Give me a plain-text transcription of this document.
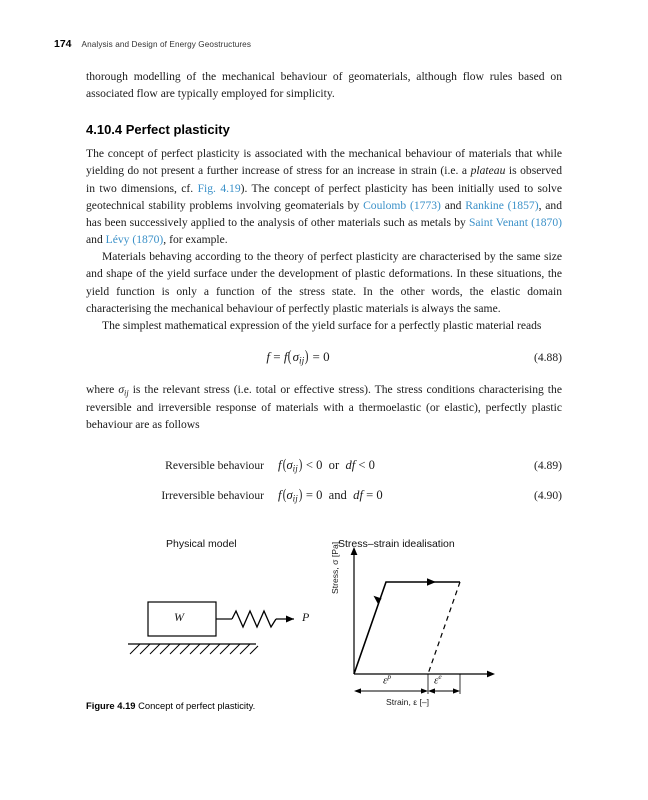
174 Analysis and Design of Energy Geostructures

thorough modelling of the mechanical behaviour of geomaterials, although flow rules based on associated flow are typically employed for simplicity.

4.10.4 Perfect plasticity

The concept of perfect plasticity is associated with the mechanical behaviour of materials that while yielding do not present a further increase of stress for an increase in strain (i.e. a plateau is observed in two dimensions, cf. Fig. 4.19). The concept of perfect plasticity has been initially used to solve geotechnical stability problems involving geomaterials by Coulomb (1773) and Rankine (1857), and has been successively applied to the analysis of other materials such as metals by Saint Venant (1870) and Lévy (1870), for example.

Materials behaving according to the theory of perfect plasticity are characterised by the same size and shape of the yield surface under the development of plastic deformations. In these situations, the yield function is only a function of the stress state. In the other words, the elastic domain characterising the mechanical behaviour of perfectly plastic materials is always the same.

The simplest mathematical expression of the yield surface for a perfectly plastic material reads

$f = f(\sigma_{ij}) = 0$	(4.88)

where $\sigma_{ij}$ is the relevant stress (i.e. total or effective stress). The stress conditions characterising the reversible and irreversible response of materials with a thermoelastic (or elastic), perfectly plastic behaviour are as follows

Reversible behaviour	$f(\sigma_{ij}) < 0$  or  df < 0	(4.89)
Irreversible behaviour	$f(\sigma_{ij}) = 0$  and  df = 0	(4.90)
Physical model	Stress–strain idealisation
W	P
Stress, σ [Pa]
Strain, ε [–]
$\varepsilon^p$	$\varepsilon^e$
Figure 4.19 Concept of perfect plasticity.
